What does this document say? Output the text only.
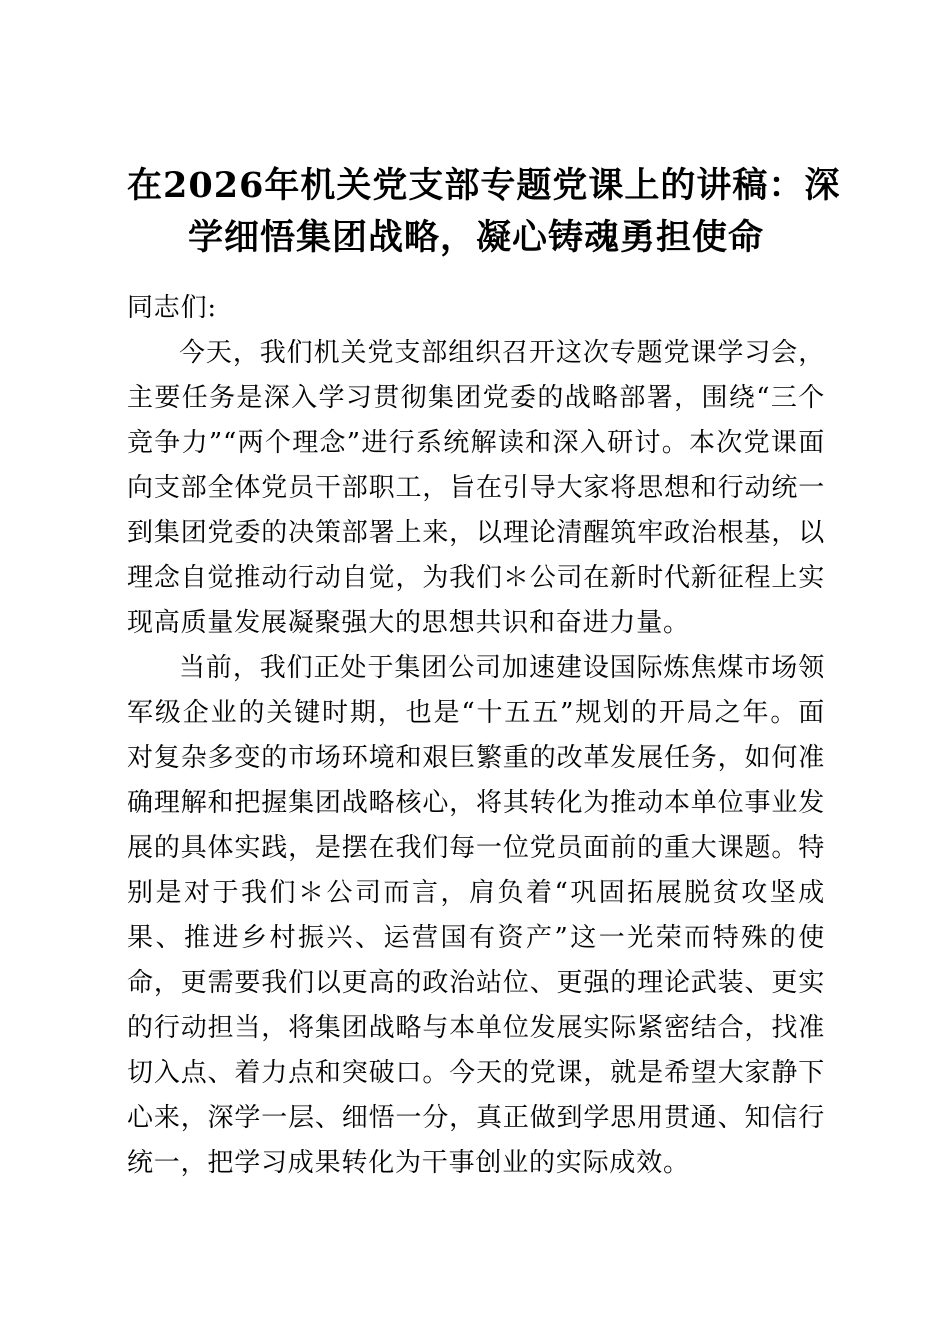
在2026年机关党支部专题党课上的讲稿：深
学细悟集团战略，凝心铸魂勇担使命

同志们:

今天，我们机关党支部组织召开这次专题党课学习会，主要任务是深入学习贯彻集团党委的战略部署，围绕“三个竞争力”“两个理念”进行系统解读和深入研讨。本次党课面向支部全体党员干部职工，旨在引导大家将思想和行动统一到集团党委的决策部署上来，以理论清醒筑牢政治根基，以理念自觉推动行动自觉，为我们＊公司在新时代新征程上实现高质量发展凝聚强大的思想共识和奋进力量。

当前，我们正处于集团公司加速建设国际炼焦煤市场领军级企业的关键时期，也是“十五五”规划的开局之年。面对复杂多变的市场环境和艰巨繁重的改革发展任务，如何准确理解和把握集团战略核心，将其转化为推动本单位事业发展的具体实践，是摆在我们每一位党员面前的重大课题。特别是对于我们＊公司而言，肩负着“巩固拓展脱贫攻坚成果、推进乡村振兴、运营国有资产”这一光荣而特殊的使命，更需要我们以更高的政治站位、更强的理论武装、更实的行动担当，将集团战略与本单位发展实际紧密结合，找准切入点、着力点和突破口。今天的党课，就是希望大家静下心来，深学一层、细悟一分，真正做到学思用贯通、知信行统一，把学习成果转化为干事创业的实际成效。
